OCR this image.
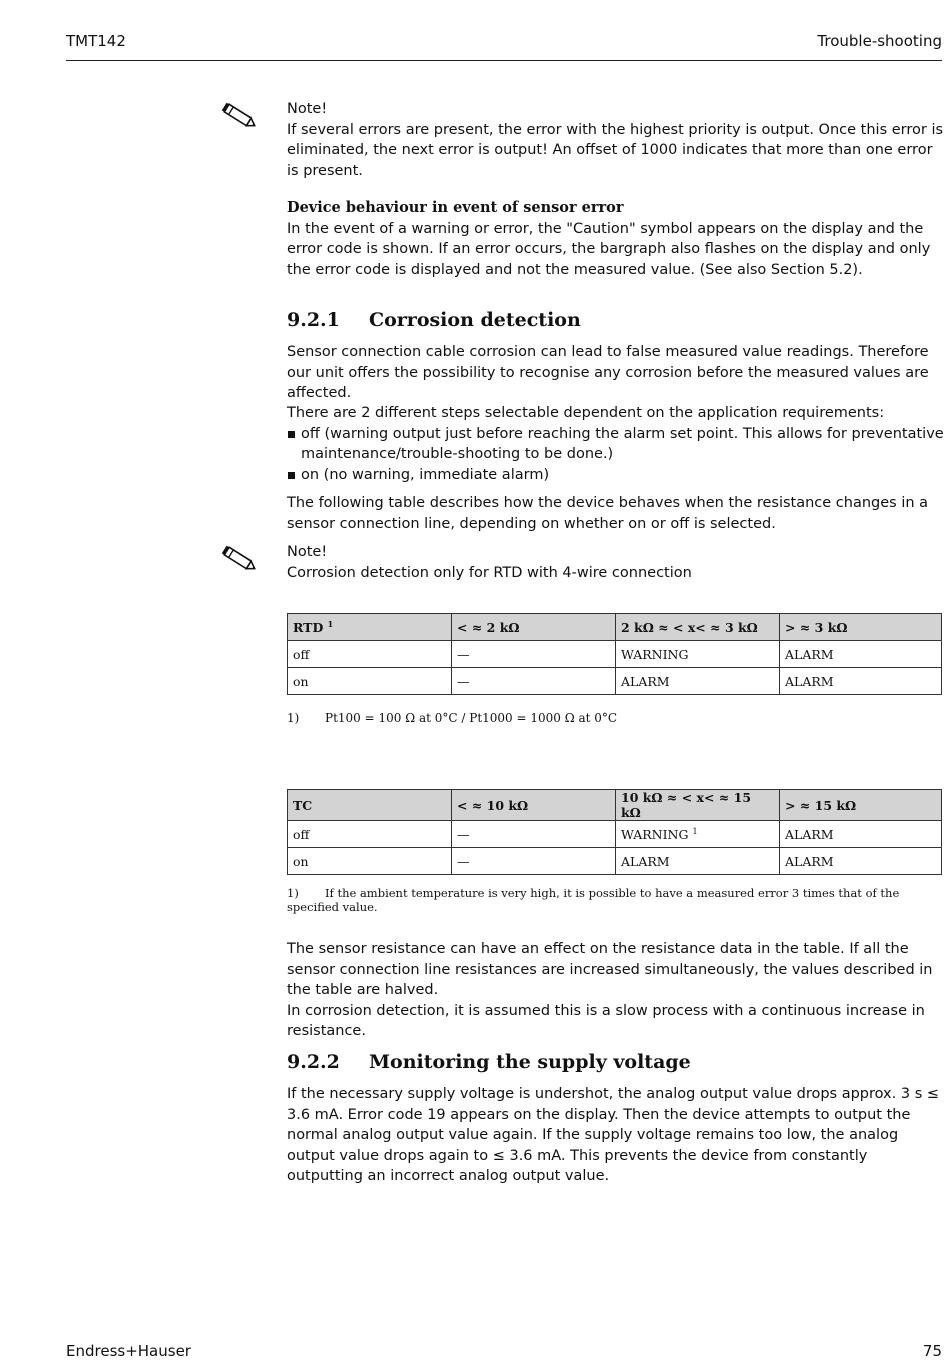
TMT142	Trouble-shooting

Note!

If several errors are present, the error with the highest priority is output. Once this error is eliminated, the next error is output! An offset of 1000 indicates that more than one error is present.

Device behaviour in event of sensor error

In the event of a warning or error, the "Caution" symbol appears on the display and the error code is shown. If an error occurs, the bargraph also flashes on the display and only the error code is displayed and not the measured value. (See also Section 5.2).

9.2.1 Corrosion detection

Sensor connection cable corrosion can lead to false measured value readings. Therefore our unit offers the possibility to recognise any corrosion before the measured values are affected.

There are 2 different steps selectable dependent on the application requirements:

off (warning output just before reaching the alarm set point. This allows for preventative maintenance/trouble-shooting to be done.)
on (no warning, immediate alarm)

The following table describes how the device behaves when the resistance changes in a sensor connection line, depending on whether on or off is selected.

Note!

Corrosion detection only for RTD with 4-wire connection

RTD $^1$	< ≈ 2 kΩ	2 kΩ ≈ < x< ≈ 3 kΩ	> ≈ 3 kΩ
off	—	WARNING	ALARM
on	—	ALARM	ALARM
1) Pt100 = 100 Ω at 0°C / Pt1000 = 1000 Ω at 0°C
TC	< ≈ 10 kΩ	10 kΩ ≈ < x< ≈ 15 kΩ	> ≈ 15 kΩ
off	—	WARNING $^1$	ALARM
on	—	ALARM	ALARM
1) If the ambient temperature is very high, it is possible to have a measured error 3 times that of the specified value.

The sensor resistance can have an effect on the resistance data in the table. If all the sensor connection line resistances are increased simultaneously, the values described in the table are halved.

In corrosion detection, it is assumed this is a slow process with a continuous increase in resistance.

9.2.2 Monitoring the supply voltage

If the necessary supply voltage is undershot, the analog output value drops approx. 3 s ≤ 3.6 mA. Error code 19 appears on the display. Then the device attempts to output the normal analog output value again. If the supply voltage remains too low, the analog output value drops again to ≤ 3.6 mA. This prevents the device from constantly outputting an incorrect analog output value.

Endress+Hauser	75
